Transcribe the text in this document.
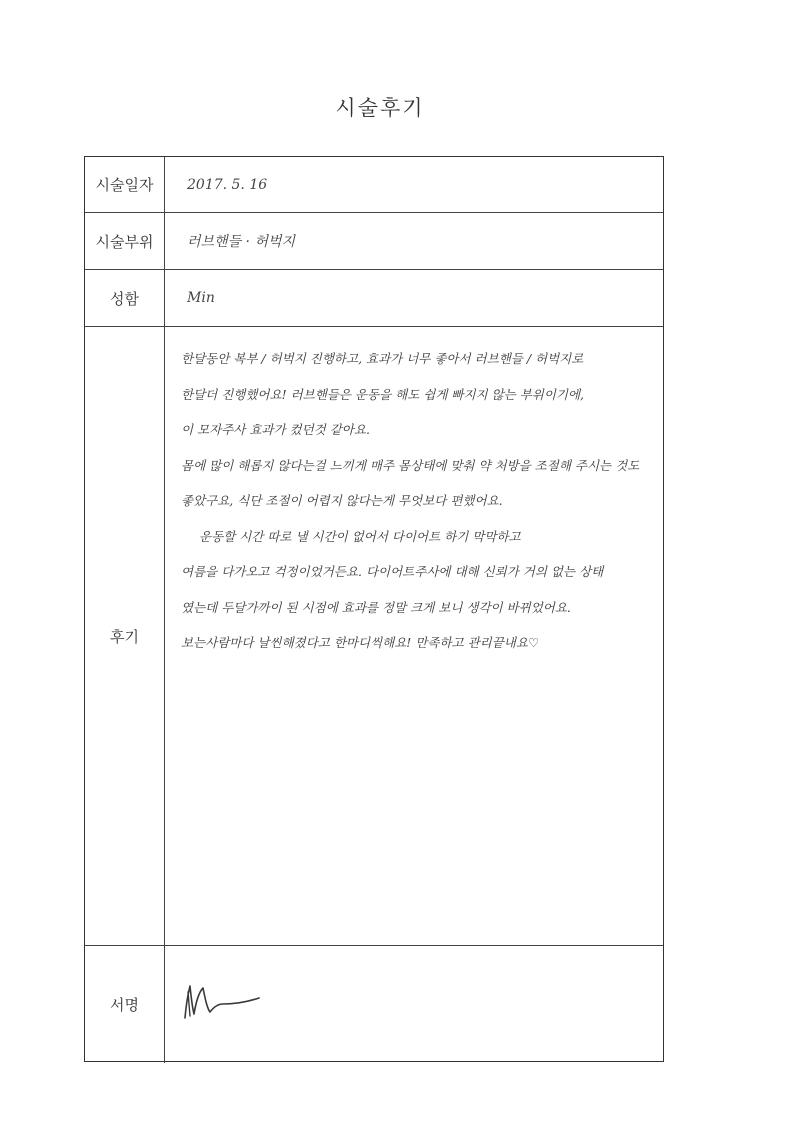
시술후기
시술일자	2017. 5. 16
시술부위	러브핸들 · 허벅지
성함	Min
후기
한달동안 복부 / 허벅지 진행하고, 효과가 너무 좋아서 러브핸들 / 허벅지로
한달더 진행했어요! 러브핸들은 운동을 해도 쉽게 빠지지 않는 부위이기에,
이 모자주사 효과가 컸던것 같아요.
몸에 많이 해롭지 않다는걸 느끼게 매주 몸상태에 맞춰 약 처방을 조절해 주시는 것도
좋았구요, 식단 조절이 어렵지 않다는게 무엇보다 편했어요.
운동할 시간 따로 낼 시간이 없어서 다이어트 하기 막막하고
여름을 다가오고 걱정이었거든요. 다이어트주사에 대해 신뢰가 거의 없는 상태
였는데 두달가까이 된 시점에 효과를 정말 크게 보니 생각이 바뀌었어요.
보는사람마다 날씬해졌다고 한마디씩해요! 만족하고 관리끝내요♡
서명
